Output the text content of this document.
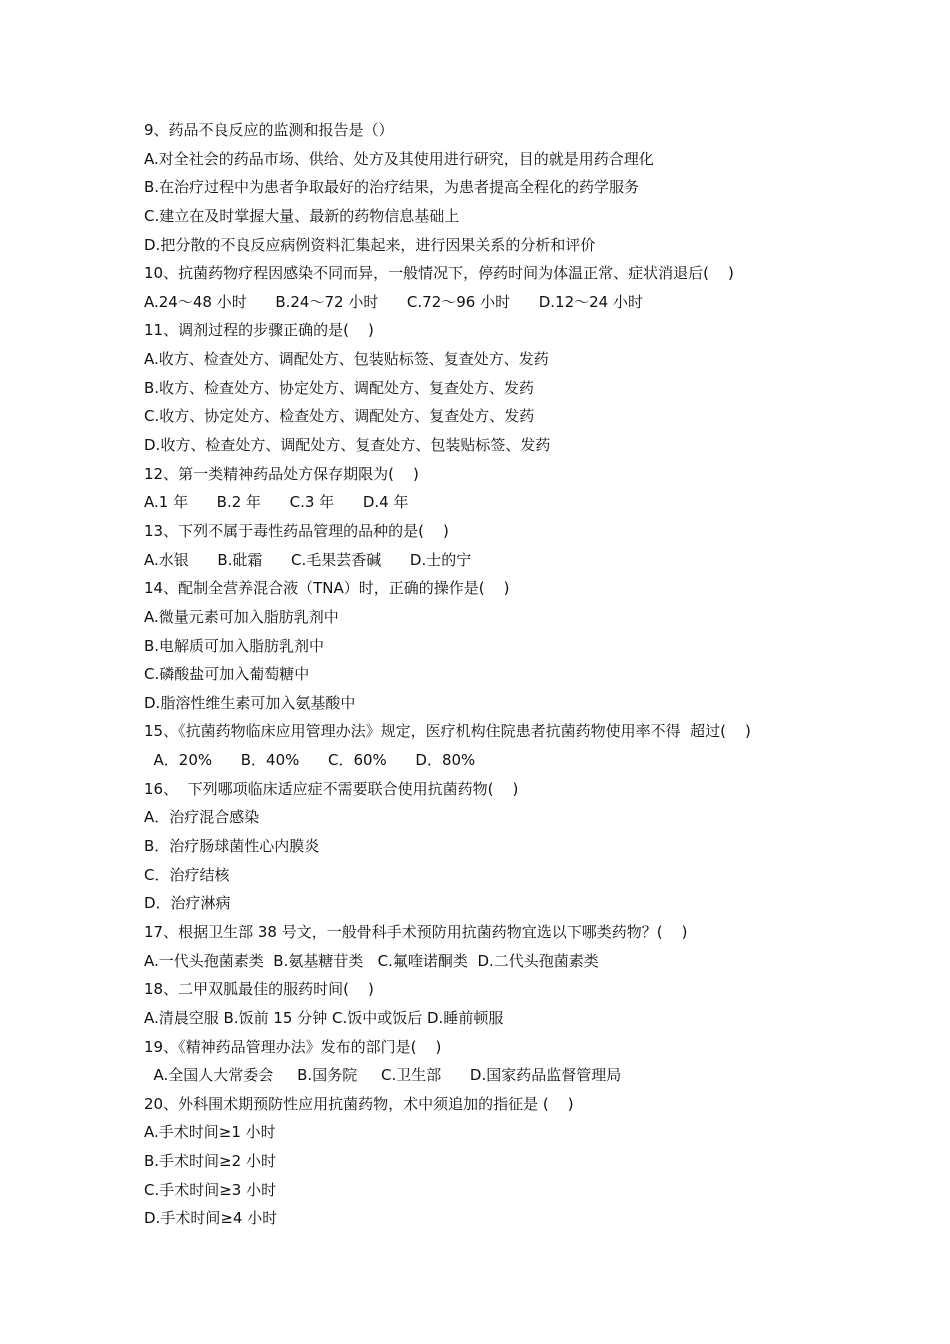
9、药品不良反应的监测和报告是（）
A.对全社会的药品市场、供给、处方及其使用进行研究，目的就是用药合理化
B.在治疗过程中为患者争取最好的治疗结果，为患者提高全程化的药学服务
C.建立在及时掌握大量、最新的药物信息基础上
D.把分散的不良反应病例资料汇集起来，进行因果关系的分析和评价
10、抗菌药物疗程因感染不同而异，一般情况下，停药时间为体温正常、症状消退后(    )
A.24～48 小时      B.24～72 小时      C.72～96 小时      D.12～24 小时
11、调剂过程的步骤正确的是(    )
A.收方、检查处方、调配处方、包装贴标签、复查处方、发药
B.收方、检查处方、协定处方、调配处方、复查处方、发药
C.收方、协定处方、检查处方、调配处方、复查处方、发药
D.收方、检查处方、调配处方、复查处方、包装贴标签、发药
12、第一类精神药品处方保存期限为(    )
A.1 年      B.2 年      C.3 年      D.4 年
13、下列不属于毒性药品管理的品种的是(    )
A.水银      B.砒霜      C.毛果芸香碱      D.士的宁
14、配制全营养混合液（TNA）时，正确的操作是(    )
A.微量元素可加入脂肪乳剂中
B.电解质可加入脂肪乳剂中
C.磷酸盐可加入葡萄糖中
D.脂溶性维生素可加入氨基酸中
15、《抗菌药物临床应用管理办法》规定，医疗机构住院患者抗菌药物使用率不得  超过(    )
A．20%      B．40%      C．60%      D．80%
16、  下列哪项临床适应症不需要联合使用抗菌药物(    )
A．治疗混合感染
B．治疗肠球菌性心内膜炎
C．治疗结核
D．治疗淋病
17、根据卫生部 38 号文，一般骨科手术预防用抗菌药物宜选以下哪类药物？(    )
A.一代头孢菌素类  B.氨基糖苷类   C.氟喹诺酮类  D.二代头孢菌素类
18、二甲双胍最佳的服药时间(    )
A.清晨空服 B.饭前 15 分钟 C.饭中或饭后 D.睡前顿服
19、《精神药品管理办法》发布的部门是(    )
A.全国人大常委会     B.国务院     C.卫生部      D.国家药品监督管理局
20、外科围术期预防性应用抗菌药物，术中须追加的指征是 (    )
A.手术时间≥1 小时
B.手术时间≥2 小时
C.手术时间≥3 小时
D.手术时间≥4 小时
